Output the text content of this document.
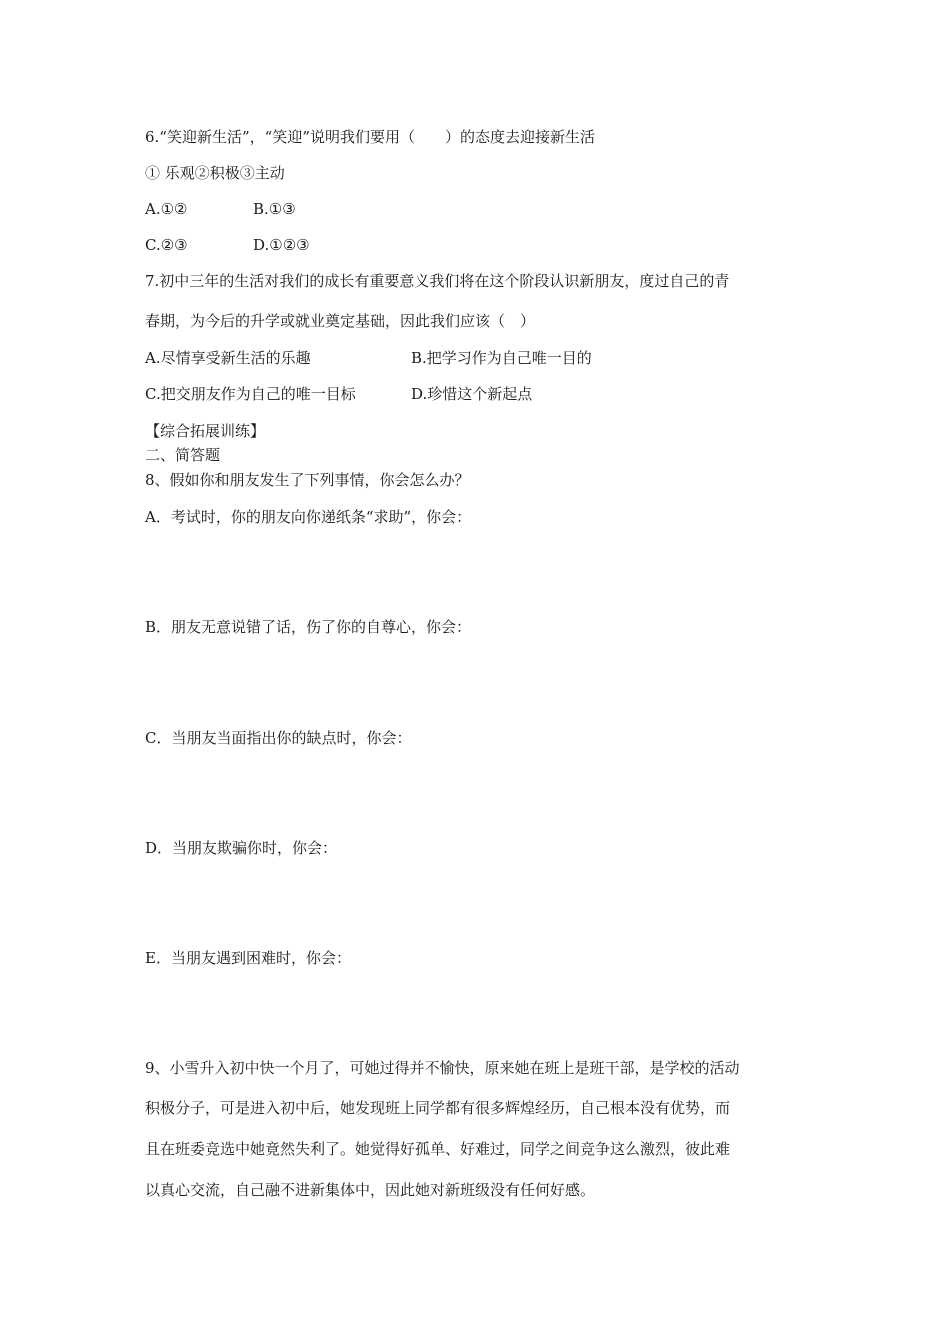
6.“笑迎新生活”，“笑迎”说明我们要用（　　）的态度去迎接新生活
① 乐观②积极③主动
A.①②	B.①③
C.②③	D.①②③
7.初中三年的生活对我们的成长有重要意义我们将在这个阶段认识新朋友，度过自己的青
春期，为今后的升学或就业奠定基础，因此我们应该（　）
A.尽情享受新生活的乐趣	B.把学习作为自己唯一目的
C.把交朋友作为自己的唯一目标	D.珍惜这个新起点
【综合拓展训练】
二、简答题
8、假如你和朋友发生了下列事情，你会怎么办？
A．考试时，你的朋友向你递纸条“求助”，你会：
B．朋友无意说错了话，伤了你的自尊心，你会：
C．当朋友当面指出你的缺点时，你会：
D．当朋友欺骗你时，你会：
E．当朋友遇到困难时，你会：
9、小雪升入初中快一个月了，可她过得并不愉快，原来她在班上是班干部，是学校的活动
积极分子，可是进入初中后，她发现班上同学都有很多辉煌经历，自己根本没有优势，而
且在班委竞选中她竟然失利了。她觉得好孤单、好难过，同学之间竞争这么激烈，彼此难
以真心交流，自己融不进新集体中，因此她对新班级没有任何好感。
